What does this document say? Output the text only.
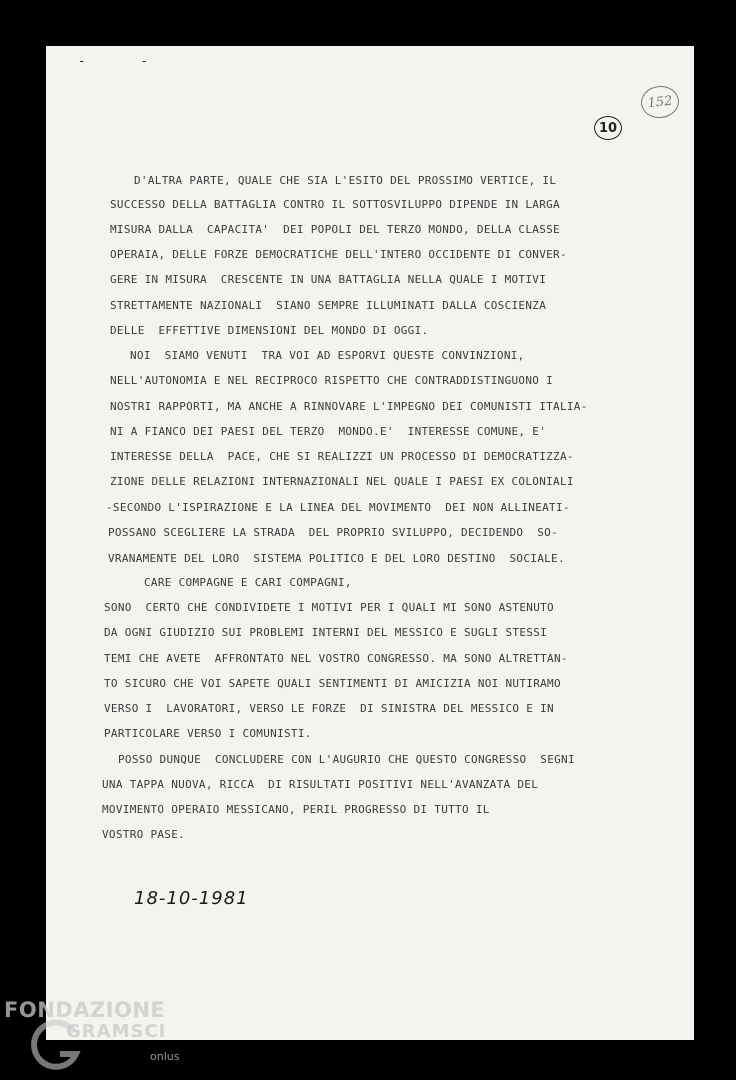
- -
152
10
D'ALTRA PARTE, QUALE CHE SIA L'ESITO DEL PROSSIMO VERTICE, IL
SUCCESSO DELLA BATTAGLIA CONTRO IL SOTTOSVILUPPO DIPENDE IN LARGA
MISURA DALLA  CAPACITA'  DEI POPOLI DEL TERZO MONDO, DELLA CLASSE
OPERAIA, DELLE FORZE DEMOCRATICHE DELL'INTERO OCCIDENTE DI CONVER-
GERE IN MISURA  CRESCENTE IN UNA BATTAGLIA NELLA QUALE I MOTIVI
STRETTAMENTE NAZIONALI  SIANO SEMPRE ILLUMINATI DALLA COSCIENZA
DELLE  EFFETTIVE DIMENSIONI DEL MONDO DI OGGI.
NOI  SIAMO VENUTI  TRA VOI AD ESPORVI QUESTE CONVINZIONI,
NELL'AUTONOMIA E NEL RECIPROCO RISPETTO CHE CONTRADDISTINGUONO I
NOSTRI RAPPORTI, MA ANCHE A RINNOVARE L'IMPEGNO DEI COMUNISTI ITALIA-
NI A FIANCO DEI PAESI DEL TERZO  MONDO.E'  INTERESSE COMUNE, E'
INTERESSE DELLA  PACE, CHE SI REALIZZI UN PROCESSO DI DEMOCRATIZZA-
ZIONE DELLE RELAZIONI INTERNAZIONALI NEL QUALE I PAESI EX COLONIALI
-SECONDO L'ISPIRAZIONE E LA LINEA DEL MOVIMENTO  DEI NON ALLINEATI-
POSSANO SCEGLIERE LA STRADA  DEL PROPRIO SVILUPPO, DECIDENDO  SO-
VRANAMENTE DEL LORO  SISTEMA POLITICO E DEL LORO DESTINO  SOCIALE.
CARE COMPAGNE E CARI COMPAGNI,
SONO  CERTO CHE CONDIVIDETE I MOTIVI PER I QUALI MI SONO ASTENUTO
DA OGNI GIUDIZIO SUI PROBLEMI INTERNI DEL MESSICO E SUGLI STESSI
TEMI CHE AVETE  AFFRONTATO NEL VOSTRO CONGRESSO. MA SONO ALTRETTAN-
TO SICURO CHE VOI SAPETE QUALI SENTIMENTI DI AMICIZIA NOI NUTIRAMO
VERSO I  LAVORATORI, VERSO LE FORZE  DI SINISTRA DEL MESSICO E IN
PARTICOLARE VERSO I COMUNISTI.
POSSO DUNQUE  CONCLUDERE CON L'AUGURIO CHE QUESTO CONGRESSO  SEGNI
UNA TAPPA NUOVA, RICCA  DI RISULTATI POSITIVI NELL'AVANZATA DEL
MOVIMENTO OPERAIO MESSICANO, PERIL PROGRESSO DI TUTTO IL
VOSTRO PASE.
18-10-1981
FONDAZIONE
GRAMSCI
onlus
